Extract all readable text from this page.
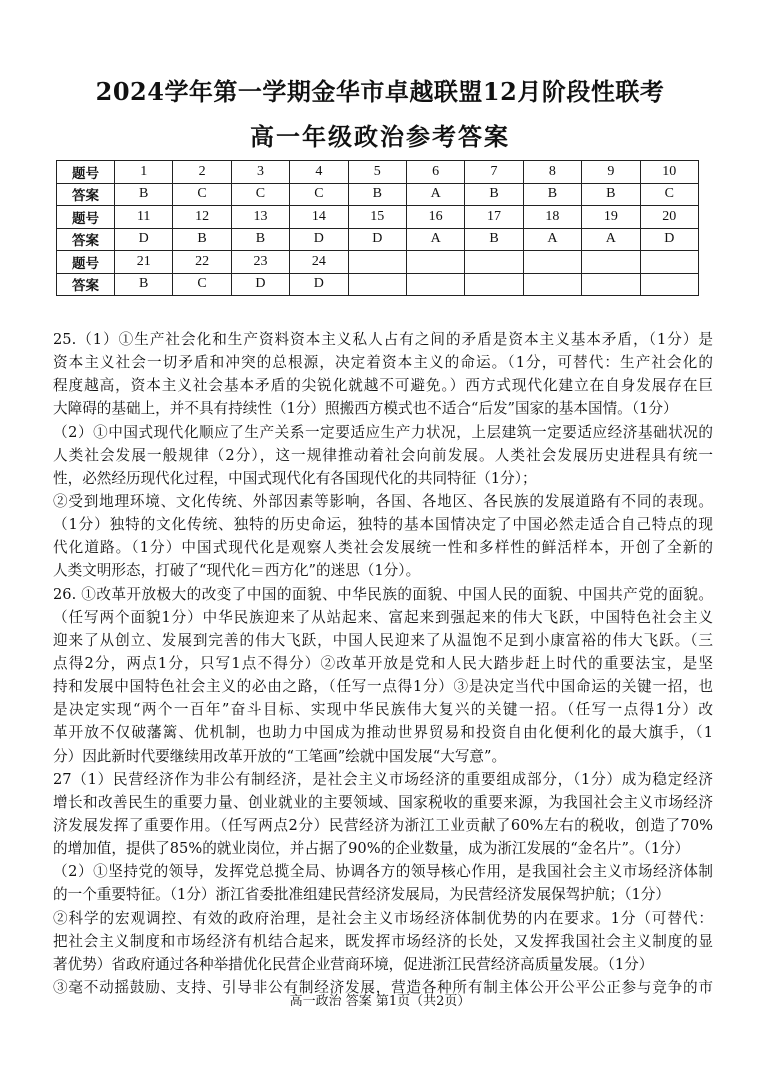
2024学年第一学期金华市卓越联盟12月阶段性联考
高一年级政治参考答案
题号	1	2	3	4	5	6	7	8	9	10
答案	B	C	C	C	B	A	B	B	B	C
题号	11	12	13	14	15	16	17	18	19	20
答案	D	B	B	D	D	A	B	A	A	D
题号	21	22	23	24						
答案	B	C	D	D						
25.（1）①生产社会化和生产资料资本主义私人占有之间的矛盾是资本主义基本矛盾，（1分）是
资本主义社会一切矛盾和冲突的总根源，决定着资本主义的命运。（1分，可替代：生产社会化的
程度越高，资本主义社会基本矛盾的尖锐化就越不可避免。）西方式现代化建立在自身发展存在巨
大障碍的基础上，并不具有持续性（1分）照搬西方模式也不适合“后发”国家的基本国情。（1分）
（2）①中国式现代化顺应了生产关系一定要适应生产力状况，上层建筑一定要适应经济基础状况的
人类社会发展一般规律（2分），这一规律推动着社会向前发展。人类社会发展历史进程具有统一
性，必然经历现代化过程，中国式现代化有各国现代化的共同特征（1分）；
②受到地理环境、文化传统、外部因素等影响，各国、各地区、各民族的发展道路有不同的表现。
（1分）独特的文化传统、独特的历史命运，独特的基本国情决定了中国必然走适合自己特点的现
代化道路。（1分）中国式现代化是观察人类社会发展统一性和多样性的鲜活样本，开创了全新的
人类文明形态，打破了“现代化＝西方化”的迷思（1分）。
26. ①改革开放极大的改变了中国的面貌、中华民族的面貌、中国人民的面貌、中国共产党的面貌。
（任写两个面貌1分）中华民族迎来了从站起来、富起来到强起来的伟大飞跃，中国特色社会主义
迎来了从创立、发展到完善的伟大飞跃，中国人民迎来了从温饱不足到小康富裕的伟大飞跃。（三
点得2分，两点1分，只写1点不得分）②改革开放是党和人民大踏步赶上时代的重要法宝，是坚
持和发展中国特色社会主义的必由之路，（任写一点得1分）③是决定当代中国命运的关键一招，也
是决定实现“两个一百年”奋斗目标、实现中华民族伟大复兴的关键一招。（任写一点得1分）改
革开放不仅破藩篱、优机制，也助力中国成为推动世界贸易和投资自由化便利化的最大旗手，（1
分）因此新时代要继续用改革开放的“工笔画”绘就中国发展“大写意”。
27（1）民营经济作为非公有制经济，是社会主义市场经济的重要组成部分，（1分）成为稳定经济
增长和改善民生的重要力量、创业就业的主要领域、国家税收的重要来源，为我国社会主义市场经济
济发展发挥了重要作用。（任写两点2分）民营经济为浙江工业贡献了60%左右的税收，创造了70%
的增加值，提供了85%的就业岗位，并占据了90%的企业数量，成为浙江发展的“金名片”。（1分）
（2）①坚持党的领导，发挥党总揽全局、协调各方的领导核心作用，是我国社会主义市场经济体制
的一个重要特征。（1分）浙江省委批准组建民营经济发展局，为民营经济发展保驾护航；（1分）
②科学的宏观调控、有效的政府治理，是社会主义市场经济体制优势的内在要求。1分（可替代：
把社会主义制度和市场经济有机结合起来，既发挥市场经济的长处，又发挥我国社会主义制度的显
著优势）省政府通过各种举措优化民营企业营商环境，促进浙江民营经济高质量发展。（1分）
③毫不动摇鼓励、支持、引导非公有制经济发展，营造各种所有制主体公开公平公正参与竞争的市
高一政治 答案 第1页（共2页）
